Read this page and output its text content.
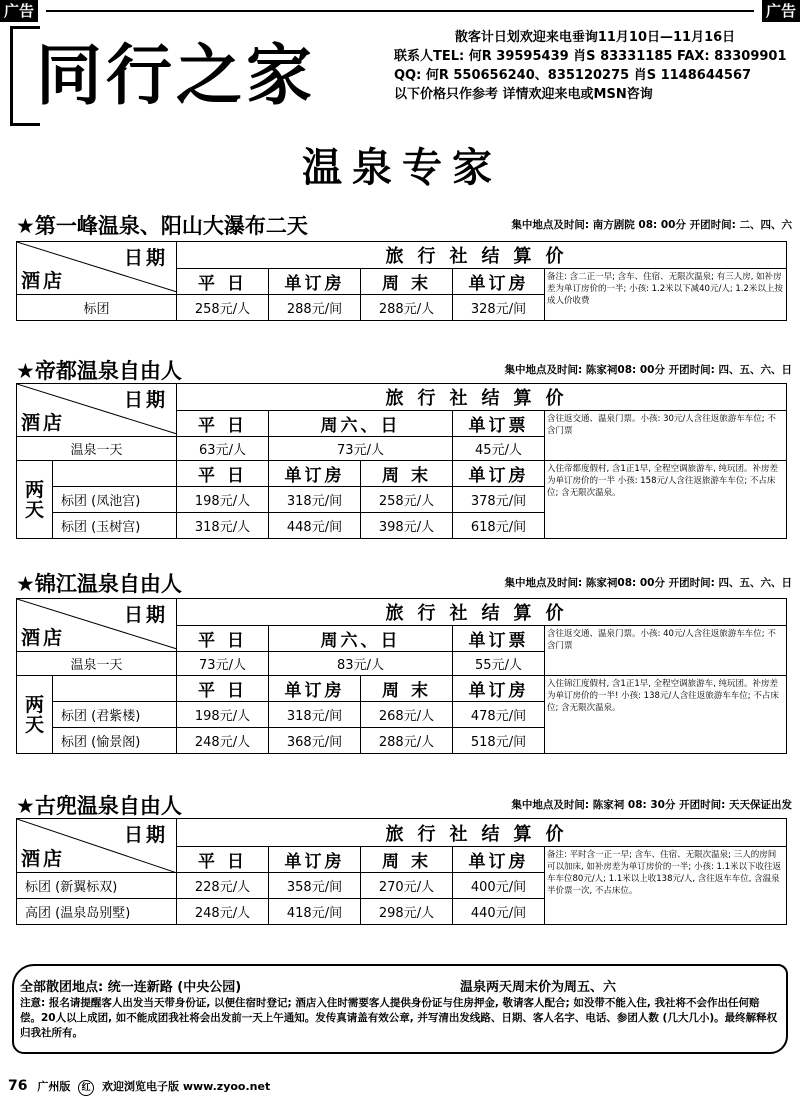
广告	广告
同行之家	散客计日划欢迎来电垂询11月10日—11月16日
联系人TEL: 何R 39595439 肖S 83331185 FAX: 83309901
QQ: 何R 550656240、835120275 肖S 1148644567
以下价格只作参考 详情欢迎来电或MSN咨询
温泉专家
★第一峰温泉、阳山大瀑布二天	集中地点及时间: 南方剧院 08: 00分 开团时间: 二、四、六
日期
酒店	旅行社结算价				
	平 日	单订房	周 末	单订房	备注: 含二正一早; 含车、住宿、无限次温泉; 有三人房, 如补房差为单订房价的一半; 小孩: 1.2米以下减40元/人; 1.2米以上按成人价收费
标团	258元/人	288元/间	288元/人	328元/间	
★帝都温泉自由人	集中地点及时间: 陈家祠08: 00分 开团时间: 四、五、六、日
日期
酒店		旅行社结算价				
		平 日	周六、日		单订票	含往返交通、温泉门票。小孩: 30元/人含往返旅游车车位; 不含门票
温泉一天		63元/人	73元/人		45元/人	
两天		平 日	单订房	周 末	单订房	入住帝都度假村, 含1正1早, 全程空调旅游车, 纯玩团。补房差为单订房价的一半 小孩: 158元/人含往返旅游车车位; 不占床位; 含无限次温泉。
	标团 (凤池宫)	198元/人	318元/间	258元/人	378元/间	
	标团 (玉树宫)	318元/人	448元/间	398元/人	618元/间	
★锦江温泉自由人	集中地点及时间: 陈家祠08: 00分 开团时间: 四、五、六、日
日期
酒店		旅行社结算价				
		平 日	周六、日		单订票	含往返交通、温泉门票。小孩: 40元/人含往返旅游车车位; 不含门票
温泉一天		73元/人	83元/人		55元/人	
两天		平 日	单订房	周 末	单订房	入住锦江度假村, 含1正1早, 全程空调旅游车, 纯玩团。补房差为单订房价的一半! 小孩: 138元/人含往返旅游车车位; 不占床位; 含无限次温泉。
	标团 (君紫楼)	198元/人	318元/间	268元/人	478元/间	
	标团 (愉景阁)	248元/人	368元/间	288元/人	518元/间	
★古兜温泉自由人	集中地点及时间: 陈家祠 08: 30分 开团时间: 天天保证出发
日期
酒店	旅行社结算价				
	平 日	单订房	周 末	单订房	备注: 平时含一正一早; 含车、住宿、无限次温泉; 三人的房间可以加床, 如补房差为单订房价的一半; 小孩: 1.1米以下收往返车车位80元/人; 1.1米以上收138元/人, 含往返车车位, 含温泉半价票一次, 不占床位。
标团 (新翼标双)	228元/人	358元/间	270元/人	400元/间	
高团 (温泉岛别墅)	248元/人	418元/间	298元/人	440元/间	
全部散团地点: 统一连新路 (中央公园)	温泉两天周末价为周五、六
注意: 报名请提醒客人出发当天带身份证, 以便住宿时登记; 酒店入住时需要客人提供身份证与住房押金, 敬请客人配合; 如没带不能入住, 我社将不会作出任何赔偿。20人以上成团, 如不能成团我社将会出发前一天上午通知。发传真请盖有效公章, 并写清出发线路、日期、客人名字、电话、参团人数 (几大几小)。最终解释权归我社所有。
76 广州版 红 欢迎浏览电子版 www.zyoo.net
